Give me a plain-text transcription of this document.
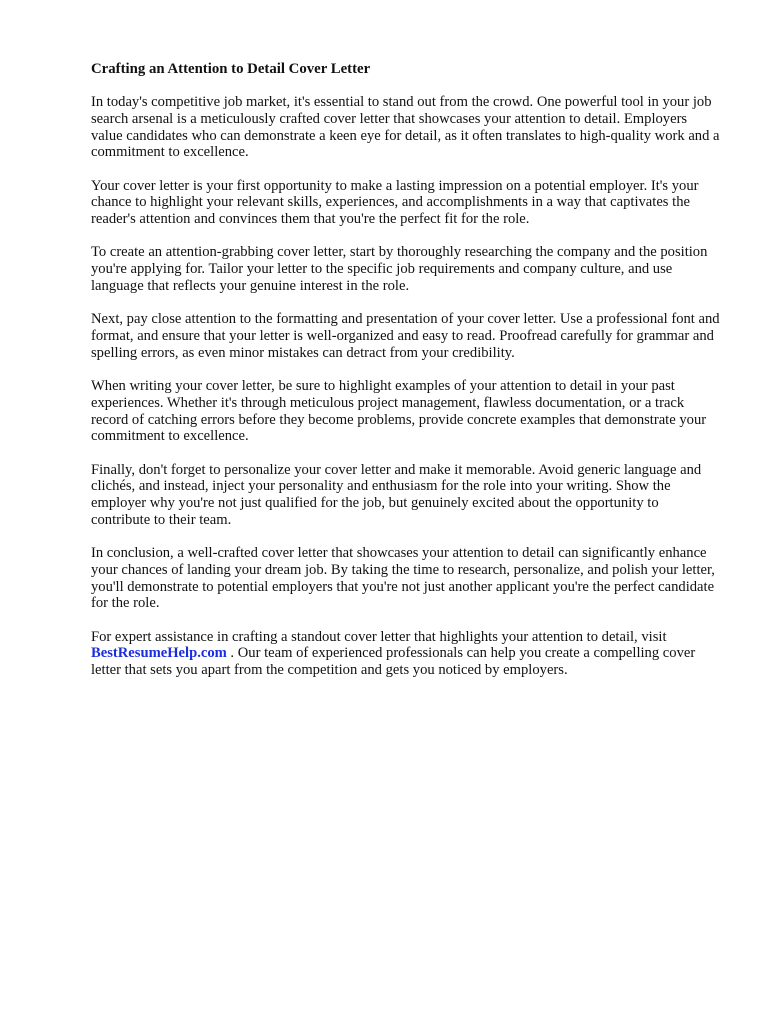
Crafting an Attention to Detail Cover Letter

In today's competitive job market, it's essential to stand out from the crowd. One powerful tool in your job search arsenal is a meticulously crafted cover letter that showcases your attention to detail. Employers value candidates who can demonstrate a keen eye for detail, as it often translates to high-quality work and a commitment to excellence.

Your cover letter is your first opportunity to make a lasting impression on a potential employer. It's your chance to highlight your relevant skills, experiences, and accomplishments in a way that captivates the reader's attention and convinces them that you're the perfect fit for the role.

To create an attention-grabbing cover letter, start by thoroughly researching the company and the position you're applying for. Tailor your letter to the specific job requirements and company culture, and use language that reflects your genuine interest in the role.

Next, pay close attention to the formatting and presentation of your cover letter. Use a professional font and format, and ensure that your letter is well-organized and easy to read. Proofread carefully for grammar and spelling errors, as even minor mistakes can detract from your credibility.

When writing your cover letter, be sure to highlight examples of your attention to detail in your past experiences. Whether it's through meticulous project management, flawless documentation, or a track record of catching errors before they become problems, provide concrete examples that demonstrate your commitment to excellence.

Finally, don't forget to personalize your cover letter and make it memorable. Avoid generic language and clichés, and instead, inject your personality and enthusiasm for the role into your writing. Show the employer why you're not just qualified for the job, but genuinely excited about the opportunity to contribute to their team.

In conclusion, a well-crafted cover letter that showcases your attention to detail can significantly enhance your chances of landing your dream job. By taking the time to research, personalize, and polish your letter, you'll demonstrate to potential employers that you're not just another applicant you're the perfect candidate for the role.

For expert assistance in crafting a standout cover letter that highlights your attention to detail, visit BestResumeHelp.com . Our team of experienced professionals can help you create a compelling cover letter that sets you apart from the competition and gets you noticed by employers.
